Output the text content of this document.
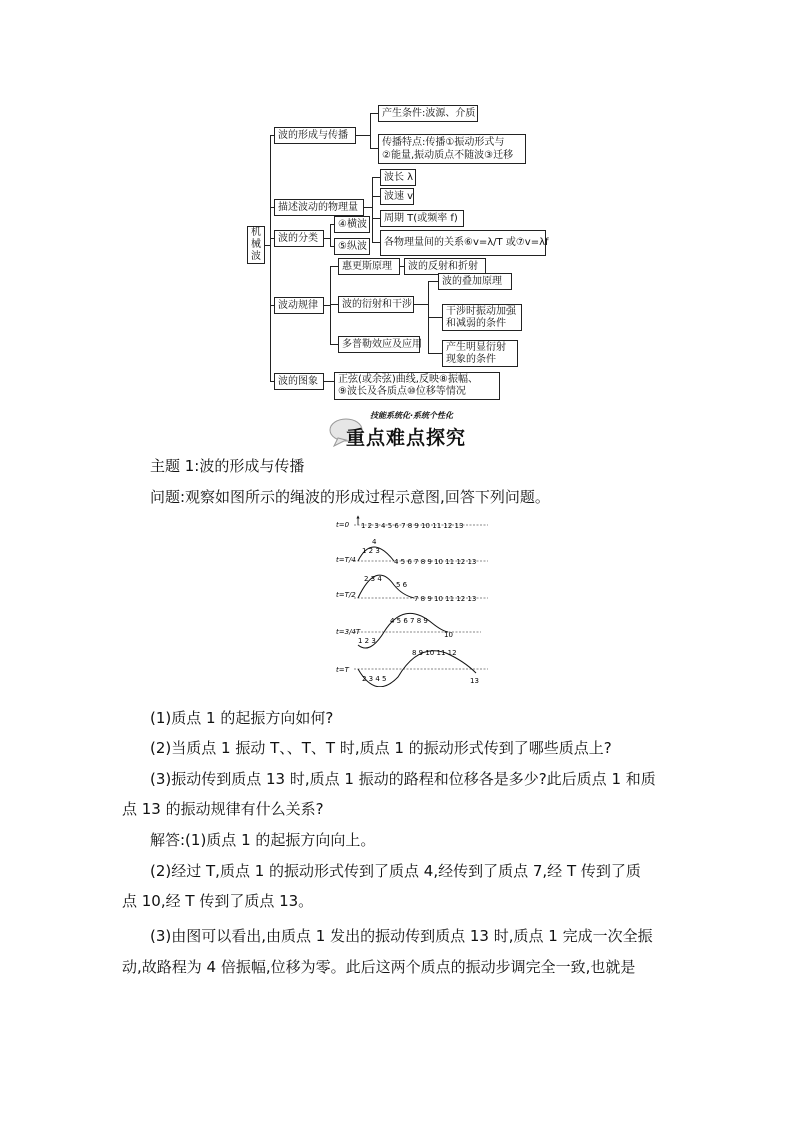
机械波
波的形成与传播
描述波动的物理量
波的分类
波动规律
波的图象
产生条件:波源、介质
传播特点:传播①振动形式与
②能量,振动质点不随波③迁移
波长 λ
波速 v
周期 T(或频率 f)
各物理量间的关系⑥v=λ/T 或⑦v=λf
④横波
⑤纵波
惠更斯原理	波的反射和折射
波的衍射和干涉
波的叠加原理
干涉时振动加强
和减弱的条件
产生明显衍射
现象的条件
多普勒效应及应用
正弦(或余弦)曲线,反映⑧振幅、
⑨波长及各质点⑩位移等情况
技能系统化·系统个性化
重点难点探究
主题 1:波的形成与传播
问题:观察如图所示的绳波的形成过程示意图,回答下列问题。
t=0 1 2 3 4 5 6 7 8 9 10 11 12 13
t=T/4
1 2 3
4
4 5 6 7 8 9 10 11 12 13
t=T/2
2 3 4
5 6
7 8 9 10 11 12 13
t=3/4T
1 2 3
4 5 6 7 8 9
10
t=T
2 3 4 5
8 9 10 11 12
13
(1)质点 1 的起振方向如何?
(2)当质点 1 振动 T、、T、T 时,质点 1 的振动形式传到了哪些质点上?
(3)振动传到质点 13 时,质点 1 振动的路程和位移各是多少?此后质点 1 和质
点 13 的振动规律有什么关系?
解答:(1)质点 1 的起振方向向上。
(2)经过 T,质点 1 的振动形式传到了质点 4,经传到了质点 7,经 T 传到了质
点 10,经 T 传到了质点 13。
(3)由图可以看出,由质点 1 发出的振动传到质点 13 时,质点 1 完成一次全振
动,故路程为 4 倍振幅,位移为零。此后这两个质点的振动步调完全一致,也就是
